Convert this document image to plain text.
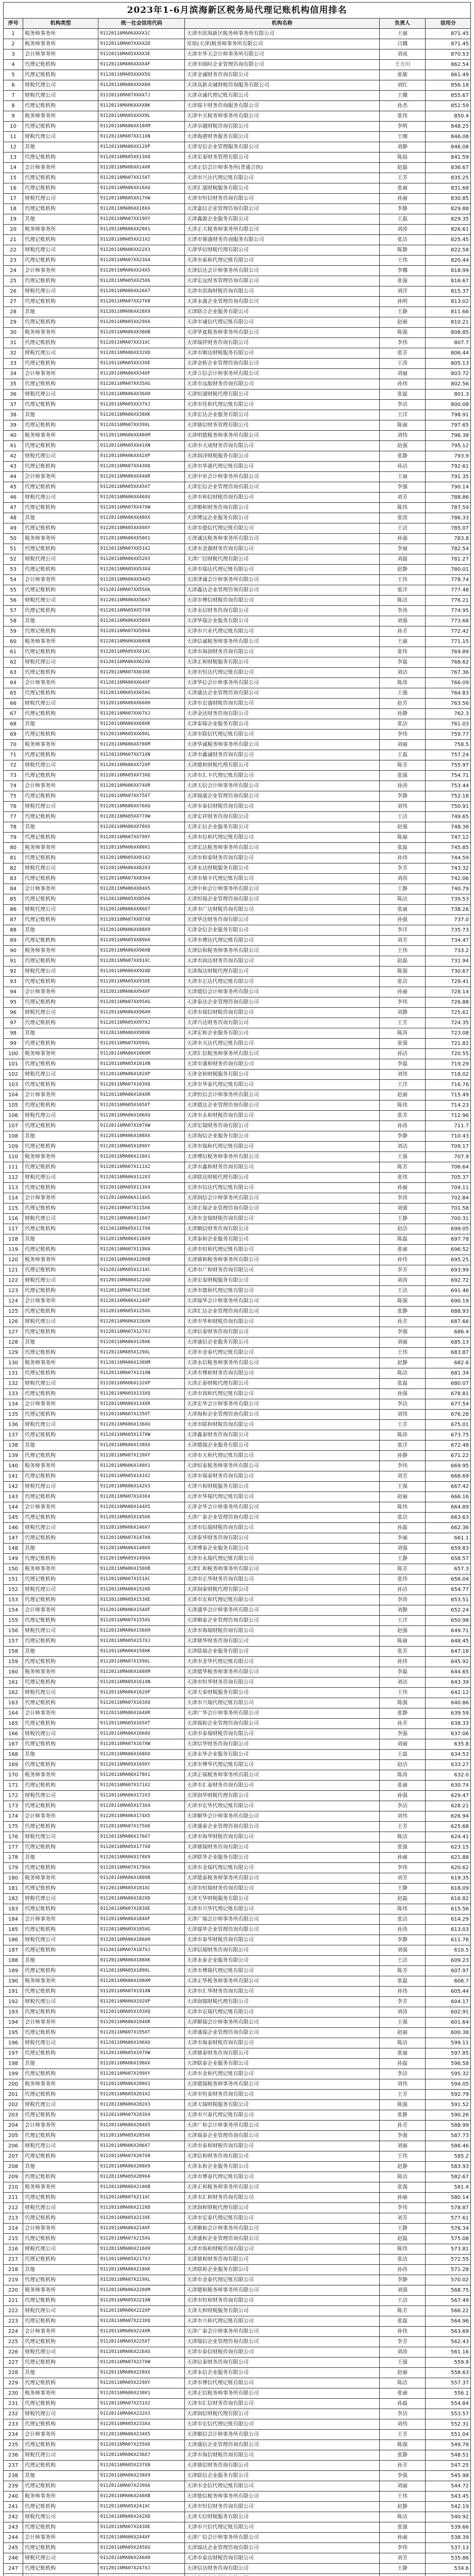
2023年1-6月滨海新区税务局代理记账机构信用排名
序号	机构类型	统一社会信用代码	机构名称	负责人	信用分
1	税务师事务所	91120116MA06XXXX1C	天津市滨海新区税务师事务所有限公司	王丽	871.45
2	税务师事务所	91120116MA07XXXX2D	星原(天津)税务师事务所有限公司	吕娜	871.45
3	会计师事务所	91120116MA05XXXX3E	天津市华天会计师事务所有限公司	刘成	870.53
4	代理记账机构	91120116MA06XXXX4F	天津市锦时企业管理咨询有限公司	王力川	862.54
5	代理记账机构	91120116MA05XXXX5G	天津金诚财务咨询有限公司	张敏	861.49
6	财税代理公司	91120116MA06XXXX6H	天津高新众诚财税咨询服务有限公司	刘红	856.18
7	财税代理公司	91120116MA07XXXX7J	天津众诚代理记账有限公司	王娜	855.67
8	代理记账机构	91120116MA06XXXX8K	天津瑞丰财务咨询服务有限公司	孙杰	852.59
9	税务师事务所	91120116MA05XXXX9L	天津中天税务师事务所有限公司	张伟	850.4
10	代理记账机构	91120116MA06XX10XM	天津卓越财税咨询有限公司	李明	848.25
11	财税代理公司	91120116MA07XX11XN	天津海港财务服务有限公司	王刚	846.08
12	其他	91120116MA06XX12XP	天津安信企业管理服务有限公司	刘静	846.08
13	代理记账机构	91120116MA05XX13XQ	天津宏泰财务管理有限公司	陈晨	841.59
14	会计师事务所	91120116MA06XX14XR	天津正信会计师事务所(普通合伙)	赵磊	836.67
15	代理记账机构	91120116MA07XX15XT	天津市兴达代理记账有限公司	王芳	835.25
16	代理记账机构	91120116MA06XX16XU	天津汇通财税服务有限公司	张丽	831.68
17	财税代理公司	91120116MA05XX17XW	天津市恒信财务咨询有限公司	孙丽	830.85
18	代理记账机构	91120116MA06XX18XX	天津嘉信企业管理咨询有限公司	李静	829.88
19	其他	91120116MA07XX19XY	天津鑫源企业服务有限公司	王磊	829.35
20	税务师事务所	91120116MA06XX20X1	天津正大税务师事务所有限公司	刘涛	826.61
21	代理记账机构	91120116MA05XX21X2	天津市鼎盛财务咨询服务有限公司	张洁	825.45
22	财税代理公司	91120116MA06XX22X3	天津华信财税代理有限公司	陈静	822.58
23	代理记账机构	91120116MA07XX23X4	天津市泰和代理记账有限公司	王伟	820.44
24	会计师事务所	91120116MA06XX24X5	天津信达会计师事务所有限公司	李娜	818.99
25	代理记账机构	91120116MA05XX25X6	天津宏远财务管理咨询有限公司	张强	816.67
26	财税代理公司	91120116MA06XX26X7	天津市滨海财税咨询有限公司	刘洋	815.37
27	代理记账机构	91120116MA07XX27X8	天津永盛企业管理咨询有限公司	孙明	813.02
28	其他	91120116MA06XX28X9	天津联合企业服务有限公司	王静	811.66
29	代理记账机构	91120116MA05XX29XA	天津市诚信代理记账有限公司	赵丽	810.21
30	税务师事务所	91120116MA06XX30XB	天津华夏税务师事务所有限公司	陈强	808.85
31	代理记账机构	91120116MA07XX31XC	天津瑞祥财务咨询有限公司	李伟	807.7
32	财税代理公司	91120116MA06XX32XD	天津市顺达财税服务有限公司	张芳	806.44
33	代理记账机构	91120116MA05XX33XE	天津金桥企业管理咨询有限公司	王涛	805.13
34	会计师事务所	91120116MA06XX34XF	天津立信会计师事务所有限公司	刘丽	803.72
35	代理记账机构	91120116MA07XX35XG	天津市远航财务咨询有限公司	孙伟	802.56
36	财税代理公司	91120116MA06XX36XH	天津恒通财税代理有限公司	张磊	801.3
37	代理记账机构	91120116MA05XX37XJ	天津市佳和代理记账有限公司	李洁	800.08
38	其他	91120116MA06XX38XK	天津宏达企业服务有限公司	王洋	798.91
39	代理记账机构	91120116MA07XX39XL	天津鼎信财务管理有限公司	陈丽	797.65
40	税务师事务所	91120116MA06XX40XM	天津明德税务师事务所有限公司	刘伟	796.38
41	代理记账机构	91120116MA05XX41XN	天津市天成财务咨询有限公司	赵强	795.12
42	财税代理公司	91120116MA06XX42XP	天津润泽财税服务有限公司	张静	793.9
43	代理记账机构	91120116MA07XX43XQ	天津市华通代理记账有限公司	孙洁	792.61
44	会计师事务所	91120116MA06XX44XR	天津中审会计师事务所有限公司	王丽	791.35
45	代理记账机构	91120116MA05XX45XT	天津宏信企业管理咨询有限公司	李强	790.14
46	财税代理公司	91120116MA06XX46XU	天津市和信财税咨询有限公司	刘芳	788.86
47	代理记账机构	91120116MA07XX47XW	天津顺和财务咨询有限公司	陈伟	787.59
48	其他	91120116MA06XX48XX	天津博远企业服务有限公司	张涛	786.33
49	代理记账机构	91120116MA05XX49XY	天津市德信代理记账有限公司	王洁	785.07
50	税务师事务所	91120116MA06XX50X1	天津诚达税务师事务所有限公司	孙强	783.8
51	代理记账机构	91120116MA07XX51X2	天津市金源财务咨询有限公司	李丽	782.54
52	财税代理公司	91120116MA06XX52X3	天津广信财税代理有限公司	刘磊	781.27
53	代理记账机构	91120116MA05XX53X4	天津市瑞达代理记账有限公司	赵静	780.01
54	会计师事务所	91120116MA06XX54X5	天津津诚会计师事务所有限公司	王伟	778.74
55	代理记账机构	91120116MA07XX55X6	天津鑫达企业管理咨询有限公司	张洋	777.48
56	财税代理公司	91120116MA06XX56X7	天津市博信财税咨询有限公司	陈洁	776.21
57	代理记账机构	91120116MA05XX57X8	天津永信财务咨询有限公司	李涛	774.95
58	其他	91120116MA06XX58X9	天津华瑞企业服务有限公司	刘强	773.68
59	代理记账机构	91120116MA07XX59XA	天津市兴业代理记账有限公司	孙芳	772.42
60	税务师事务所	91120116MA06XX60XB	天津信诚税务师事务所有限公司	王丽	771.15
61	代理记账机构	91120116MA05XX61XC	天津市海润财务咨询有限公司	张伟	769.89
62	财税代理公司	91120116MA06XX62XD	天津正和财税服务有限公司	李磊	768.62
63	代理记账机构	91120116MA07XX63XE	天津市恒达代理记账有限公司	刘洁	767.36
64	会计师事务所	91120116MA06XX64XF	天津华信会计师事务所有限公司	陈涛	766.09
65	代理记账机构	91120116MA05XX65XG	天津盛达企业管理咨询有限公司	王强	764.83
66	财税代理公司	91120116MA06XX66XH	天津市宏盛财税咨询有限公司	赵芳	763.56
67	代理记账机构	91120116MA07XX67XJ	天津金达财务咨询有限公司	孙静	762.3
68	其他	91120116MA06XX68XK	天津泰瑞企业服务有限公司	张洁	761.03
69	代理记账机构	91120116MA05XX69XL	天津市联信代理记账有限公司	李伟	759.77
70	税务师事务所	91120116MA06XX70XM	天津华诚税务师事务所有限公司	刘丽	758.5
71	代理记账机构	91120116MA07XX71XN	天津市鑫诚财务咨询有限公司	王磊	757.24
72	财税代理公司	91120116MA06XX72XP	天津德和财税代理有限公司	陈芳	755.97
73	代理记账机构	91120116MA05XX73XQ	天津市汇丰代理记账有限公司	张强	754.71
74	会计师事务所	91120116MA06XX74XR	天津天信会计师事务所有限公司	孙涛	753.44
75	代理记账机构	91120116MA07XX75XT	天津瑞通企业管理咨询有限公司	李静	752.18
76	财税代理公司	91120116MA06XX76XU	天津市泰信财税咨询有限公司	刘伟	750.91
77	代理记账机构	91120116MA05XX77XW	天津宏祥财务咨询有限公司	王洁	749.65
78	其他	91120116MA06XX78XX	天津正信企业服务有限公司	赵强	748.38
79	代理记账机构	91120116MA07XX79XY	天津市信和代理记账有限公司	陈丽	747.12
80	税务师事务所	91120116MA06XX80X1	天津宏达税务师事务所有限公司	张磊	745.85
81	代理记账机构	91120116MA05XX81X2	天津市和泰财务咨询有限公司	孙伟	744.59
82	财税代理公司	91120116MA06XX82X3	天津永达财税服务有限公司	李芳	743.32
83	代理记账机构	91120116MA07XX83X4	天津市鼎丰代理记账有限公司	刘涛	742.06
84	会计师事务所	91120116MA06XX84X5	天津中和会计师事务所有限公司	王静	740.79
85	代理记账机构	91120116MA05XX85X6	天津恒瑞企业管理咨询有限公司	陈洁	739.53
86	财税代理公司	91120116MA06XX86X7	天津市广达财税咨询有限公司	张丽	738.26
87	代理记账机构	91120116MA07XX87X8	天津华达财务咨询有限公司	孙强	737.0
88	其他	91120116MA06XX88X9	天津金信企业服务有限公司	李洋	735.73
89	代理记账机构	91120116MA05XX89XA	天津市博达代理记账有限公司	刘芳	734.47
90	税务师事务所	91120116MA06XX90XB	天津信和税务师事务所有限公司	王伟	733.2
91	代理记账机构	91120116MA07XX91XC	天津市润达财务咨询有限公司	赵磊	731.94
92	财税代理公司	91120116MA06XX92XD	天津海达财税代理有限公司	陈强	730.67
93	代理记账机构	91120116MA05XX93XE	天津市正达代理记账有限公司	张洁	729.41
94	会计师事务所	91120116MA06XX94XF	天津德信会计师事务所有限公司	孙丽	728.14
95	代理记账机构	91120116MA07XX95XG	天津泰达企业管理咨询有限公司	李伟	726.88
96	财税代理公司	91120116MA06XX96XH	天津市瑞信财税咨询有限公司	刘静	725.61
97	代理记账机构	91120116MA05XX97XJ	天津兴达财务咨询有限公司	王芳	724.35
98	其他	91120116MA06XX98XK	天津宏和企业服务有限公司	陈涛	723.08
99	代理记账机构	91120116MA07XX99XL	天津市天达代理记账有限公司	张强	721.82
100	税务师事务所	91120116MA06X100XM	天津汇信税务师事务所有限公司	孙洁	720.55
101	代理记账机构	91120116MA05X101XN	天津市盛和财务咨询有限公司	李磊	719.29
102	财税代理公司	91120116MA06X102XP	天津金和财税服务有限公司	刘伟	718.02
103	代理记账机构	91120116MA07X103XQ	天津市华泰代理记账有限公司	王洋	716.76
104	会计师事务所	91120116MA06X104XR	天津恒信会计师事务所有限公司	赵丽	715.49
105	代理记账机构	91120116MA05X105XT	天津德达企业管理咨询有限公司	陈伟	714.23
106	财税代理公司	91120116MA06X106XU	天津市永和财税咨询有限公司	张芳	712.96
107	代理记账机构	91120116MA07X107XW	天津宏瑞财务咨询有限公司	孙涛	711.7
108	其他	91120116MA06X108XX	天津海信企业服务有限公司	李静	710.43
109	代理记账机构	91120116MA05X109XY	天津市瑞和代理记账有限公司	刘洁	709.17
110	税务师事务所	91120116MA06X110X1	天津博信税务师事务所有限公司	王强	707.9
111	代理记账机构	91120116MA07X111X2	天津市鑫和财务咨询有限公司	陈芳	706.64
112	财税代理公司	91120116MA06X112X3	天津联达财税代理有限公司	张伟	705.37
113	代理记账机构	91120116MA05X113X4	天津市信达代理记账有限公司	孙丽	704.11
114	会计师事务所	91120116MA06X114X5	天津润信会计师事务所有限公司	李涛	702.84
115	代理记账机构	91120116MA07X115X6	天津正瑞企业管理咨询有限公司	刘强	701.58
116	财税代理公司	91120116MA06X116X7	天津市金瑞财税咨询有限公司	王静	700.31
117	代理记账机构	91120116MA05X117X8	天津顺信财务咨询有限公司	赵洁	699.05
118	其他	91120116MA06X118X9	天津泰和企业服务有限公司	陈磊	697.78
119	代理记账机构	91120116MA07X119XA	天津市恒和代理记账有限公司	张丽	696.52
120	税务师事务所	91120116MA06X120XB	天津鼎和税务师事务所有限公司	孙伟	695.25
121	代理记账机构	91120116MA05X121XC	天津市广和财务咨询有限公司	李芳	693.99
122	财税代理公司	91120116MA06X122XD	天津宏泰财税服务有限公司	刘涛	692.72
123	代理记账机构	91120116MA07X123XE	天津市德和代理记账有限公司	王洁	691.46
124	会计师事务所	91120116MA06X124XF	天津瑞华会计师事务所有限公司	陈强	690.19
125	代理记账机构	91120116MA05X125XG	天津汇达企业管理咨询有限公司	张静	688.93
126	财税代理公司	91120116MA06X126XH	天津市华和财税咨询有限公司	孙芳	687.66
127	代理记账机构	91120116MA07X127XJ	天津信泰财务咨询有限公司	李强	686.4
128	其他	91120116MA06X128XK	天津盛信企业服务有限公司	刘丽	685.13
129	代理记账机构	91120116MA05X129XL	天津市金泰代理记账有限公司	王伟	683.87
130	税务师事务所	91120116MA06X130XM	天津永信税务师事务所有限公司	赵静	682.6
131	代理记账机构	91120116MA07X131XN	天津市博和财务咨询有限公司	陈洁	681.34
132	财税代理公司	91120116MA06X132XP	天津正泰财税代理有限公司	张磊	680.07
133	代理记账机构	91120116MA05X133XQ	天津市润和代理记账有限公司	孙强	678.81
134	会计师事务所	91120116MA06X134XR	天津宏华会计师事务所有限公司	李洁	677.54
135	代理记账机构	91120116MA07X135XT	天津海和企业管理咨询有限公司	刘伟	676.28
136	财税代理公司	91120116MA06X136XU	天津市联和财税咨询有限公司	王芳	675.01
137	代理记账机构	91120116MA05X137XW	天津鑫泰财务咨询有限公司	陈涛	673.75
138	其他	91120116MA06X138XX	天津德瑞企业服务有限公司	张洋	672.48
139	代理记账机构	91120116MA07X139XY	天津市天和代理记账有限公司	孙静	671.22
140	税务师事务所	91120116MA06X140X1	天津恒泰税务师事务所有限公司	李伟	669.95
141	代理记账机构	91120116MA05X141X2	天津市瑞泰财务咨询有限公司	刘芳	668.69
142	财税代理公司	91120116MA06X142X3	天津兴和财税服务有限公司	王强	667.42
143	代理记账机构	91120116MA07X143X4	天津市华瑞代理记账有限公司	赵丽	666.16
144	会计师事务所	91120116MA06X144X5	天津金华会计师事务所有限公司	陈伟	664.89
145	代理记账机构	91120116MA05X145X6	天津广泰企业管理咨询有限公司	张洁	663.63
146	财税代理公司	91120116MA06X146X7	天津市信瑞财税咨询有限公司	孙磊	662.36
147	代理记账机构	91120116MA07X147X8	天津泰华财务咨询有限公司	李丽	661.1
148	其他	91120116MA06X148X9	天津博泰企业服务有限公司	刘强	659.83
149	代理记账机构	91120116MA05X149XA	天津市永瑞代理记账有限公司	王静	658.57
150	税务师事务所	91120116MA06X150XB	天津汇和税务师事务所有限公司	陈芳	657.3
151	代理记账机构	91120116MA07X151XC	天津市正华财务咨询有限公司	张伟	656.04
152	财税代理公司	91120116MA06X152XD	天津润泰财税代理有限公司	孙洁	654.77
153	代理记账机构	91120116MA05X153XE	天津市宏和代理记账有限公司	李涛	653.51
154	会计师事务所	91120116MA06X154XF	天津盛华会计师事务所有限公司	刘静	652.24
155	代理记账机构	91120116MA07X155XG	天津顺泰企业管理咨询有限公司	王洋	650.98
156	财税代理公司	91120116MA06X156XH	天津市海瑞财税咨询有限公司	赵强	649.71
157	代理记账机构	91120116MA05X157XJ	天津鼎华财务咨询有限公司	陈丽	648.45
158	其他	91120116MA06X158XK	天津联瑞企业服务有限公司	张芳	647.18
159	代理记账机构	91120116MA07X159XL	天津市金华代理记账有限公司	孙伟	645.92
160	税务师事务所	91120116MA06X160XM	天津德华税务师事务所有限公司	李磊	644.65
161	代理记账机构	91120116MA05X161XN	天津市恒华财务咨询有限公司	刘洁	643.39
162	财税代理公司	91120116MA06X162XP	天津天泰财税服务有限公司	王伟	642.12
163	代理记账机构	91120116MA07X163XQ	天津市兴瑞代理记账有限公司	陈强	640.86
164	会计师事务所	91120116MA06X164XR	天津广华会计师事务所有限公司	张静	639.59
165	代理记账机构	91120116MA05X165XT	天津瑞和企业管理咨询有限公司	孙芳	638.33
166	财税代理公司	91120116MA06X166XU	天津市泰瑞财税咨询有限公司	李强	637.06
167	代理记账机构	91120116MA07X167XW	天津信华财务咨询有限公司	刘丽	635.8
168	其他	91120116MA06X168XX	天津永华企业服务有限公司	王磊	634.53
169	代理记账机构	91120116MA05X169XY	天津市博华代理记账有限公司	赵洁	633.27
170	税务师事务所	91120116MA06X170X1	天津正瑞税务师事务所有限公司	陈涛	632.0
171	代理记账机构	91120116MA07X171X2	天津市汇泰财务咨询有限公司	张丽	630.74
172	财税代理公司	91120116MA06X172X3	天津润华财税代理有限公司	孙强	629.47
173	代理记账机构	91120116MA05X173X4	天津市宏华代理记账有限公司	李洁	628.21
174	会计师事务所	91120116MA06X174X5	天津顺华会计师事务所有限公司	刘伟	626.94
175	代理记账机构	91120116MA07X175X6	天津盛泰企业管理咨询有限公司	王芳	625.68
176	财税代理公司	91120116MA06X176X7	天津市海华财税咨询有限公司	陈洁	624.41
177	代理记账机构	91120116MA05X177X8	天津鼎瑞财务咨询有限公司	张强	623.15
178	其他	91120116MA06X178X9	天津联华企业服务有限公司	孙丽	621.88
179	代理记账机构	91120116MA07X179XA	天津市金瑞代理记账有限公司	李伟	620.62
180	税务师事务所	91120116MA06X180XB	天津德泰税务师事务所有限公司	刘芳	619.35
181	代理记账机构	91120116MA05X181XC	天津市恒瑞财务咨询有限公司	王静	618.09
182	财税代理公司	91120116MA06X182XD	天津天华财税服务有限公司	赵磊	616.82
183	代理记账机构	91120116MA07X183XE	天津市兴华代理记账有限公司	陈伟	615.56
184	会计师事务所	91120116MA06X184XF	天津广瑞会计师事务所有限公司	张洁	614.29
185	代理记账机构	91120116MA05X185XG	天津瑞华企业管理咨询有限公司	孙涛	613.03
186	财税代理公司	91120116MA06X186XH	天津市泰华财税咨询有限公司	李静	611.76
187	代理记账机构	91120116MA07X187XJ	天津信瑞财务咨询有限公司	刘强	610.5
188	其他	91120116MA06X188XK	天津永泰企业服务有限公司	王洁	609.23
189	代理记账机构	91120116MA05X189XL	天津市博瑞代理记账有限公司	陈芳	607.97
190	税务师事务所	91120116MA06X190XM	天津正华税务师事务所有限公司	张磊	606.7
191	代理记账机构	91120116MA07X191XN	天津市汇华财务咨询有限公司	孙伟	605.44
192	财税代理公司	91120116MA06X192XP	天津润瑞财税代理有限公司	李芳	604.17
193	代理记账机构	91120116MA05X193XQ	天津市宏瑞代理记账有限公司	刘涛	602.91
194	会计师事务所	91120116MA06X194XR	天津顺瑞会计师事务所有限公司	王强	601.64
195	代理记账机构	91120116MA07X195XT	天津盛瑞企业管理咨询有限公司	赵丽	600.38
196	财税代理公司	91120116MA06X196XU	天津市海泰财税咨询有限公司	陈洁	599.11
197	代理记账机构	91120116MA05X197XW	天津鼎泰财务咨询有限公司	张丽	597.85
198	其他	91120116MA06X198XX	天津联泰企业服务有限公司	孙磊	596.58
199	代理记账机构	91120116MA07X199XY	天津市金和代理记账有限公司	李洁	595.32
200	税务师事务所	91120116MA06X200X1	天津德瑞税务师事务所有限公司	刘伟	594.05
201	代理记账机构	91120116MA05X201X2	天津市恒泰财务咨询有限公司	王芳	592.79
202	财税代理公司	91120116MA06X202X3	天津天瑞财税服务有限公司	陈强	591.52
203	代理记账机构	91120116MA07X203X4	天津市兴泰代理记账有限公司	张静	590.26
204	会计师事务所	91120116MA06X204X5	天津广和会计师事务所有限公司	孙芳	588.99
205	代理记账机构	91120116MA05X205X6	天津瑞泰企业管理咨询有限公司	李强	587.73
206	财税代理公司	91120116MA06X206X7	天津市泰和财税咨询有限公司	刘丽	586.46
207	代理记账机构	91120116MA07X207X8	天津信和财务咨询有限公司	王伟	585.2
208	其他	91120116MA06X208X9	天津永和企业服务有限公司	赵静	583.93
209	代理记账机构	91120116MA05X209XA	天津市博泰代理记账有限公司	陈洁	582.67
210	税务师事务所	91120116MA06X210XB	天津正和税务师事务所有限公司	张强	581.4
211	代理记账机构	91120116MA07X211XC	天津市汇和财务咨询有限公司	孙丽	580.14
212	财税代理公司	91120116MA06X212XD	天津润和财税代理有限公司	李伟	578.87
213	代理记账机构	91120116MA05X213XE	天津市宏泰代理记账有限公司	刘芳	577.61
214	会计师事务所	91120116MA06X214XF	天津顺和会计师事务所有限公司	王静	576.34
215	代理记账机构	91120116MA07X215XG	天津盛和企业管理咨询有限公司	赵磊	575.08
216	财税代理公司	91120116MA06X216XH	天津市海和财税咨询有限公司	陈伟	573.81
217	代理记账机构	91120116MA05X217XJ	天津鼎和财务咨询有限公司	张洁	572.55
218	其他	91120116MA06X218XK	天津联和企业服务有限公司	孙涛	571.28
219	代理记账机构	91120116MA07X219XL	天津市金泰代理记账有限公司	李静	570.02
220	税务师事务所	91120116MA06X220XM	天津德和税务师事务所有限公司	刘强	568.75
221	代理记账机构	91120116MA05X221XN	天津市恒和财务咨询有限公司	王洁	567.49
222	财税代理公司	91120116MA06X222XP	天津天和财税服务有限公司	陈芳	566.22
223	代理记账机构	91120116MA07X223XQ	天津市兴和代理记账有限公司	张磊	564.96
224	会计师事务所	91120116MA06X224XR	天津广泰会计师事务所有限公司	孙伟	563.69
225	代理记账机构	91120116MA05X225XT	天津瑞信企业管理咨询有限公司	李芳	562.43
226	财税代理公司	91120116MA06X226XU	天津市泰信财税咨询有限公司	刘涛	561.16
227	代理记账机构	91120116MA07X227XW	天津信泰财务咨询有限公司	王强	559.9
228	其他	91120116MA06X228XX	天津永信企业服务有限公司	赵丽	558.63
229	代理记账机构	91120116MA05X229XY	天津市博信代理记账有限公司	陈洁	557.37
230	税务师事务所	91120116MA06X230X1	天津正信税务师事务所有限公司	张丽	556.1
231	代理记账机构	91120116MA07X231X2	天津市汇信财务咨询有限公司	孙磊	554.84
232	财税代理公司	91120116MA06X232X3	天津润信财税代理有限公司	李洁	553.57
233	代理记账机构	91120116MA05X233X4	天津市宏信代理记账有限公司	刘伟	552.31
234	会计师事务所	91120116MA06X234X5	天津顺信会计师事务所有限公司	王芳	551.04
235	代理记账机构	91120116MA07X235X6	天津盛信企业管理咨询有限公司	陈强	549.78
236	财税代理公司	91120116MA06X236X7	天津市海信财税咨询有限公司	张静	548.51
237	代理记账机构	91120116MA05X237X8	天津鼎信财务咨询有限公司	孙芳	547.25
238	其他	91120116MA06X238X9	天津联信企业服务有限公司	李强	545.98
239	代理记账机构	91120116MA07X239XA	天津市金信代理记账有限公司	刘丽	544.72
240	税务师事务所	91120116MA06X240XB	天津德信税务师事务所有限公司	王伟	543.45
241	代理记账机构	91120116MA05X241XC	天津市恒信财务咨询有限公司	赵静	542.19
242	财税代理公司	91120116MA06X242XD	天津天信财税服务有限公司	陈洁	540.92
243	代理记账机构	91120116MA07X243XE	天津市兴信代理记账有限公司	张强	539.66
244	会计师事务所	91120116MA06X244XF	天津广信会计师事务所有限公司	孙丽	538.39
245	代理记账机构	91120116MA05X245XG	天津瑞达企业管理咨询有限公司	李伟	537.13
246	财税代理公司	91120116MA06X246XH	天津市泰达财税咨询有限公司	刘芳	535.86
247	代理记账机构	91120116MA07X247XJ	天津信达财务咨询有限公司	王静	534.6
